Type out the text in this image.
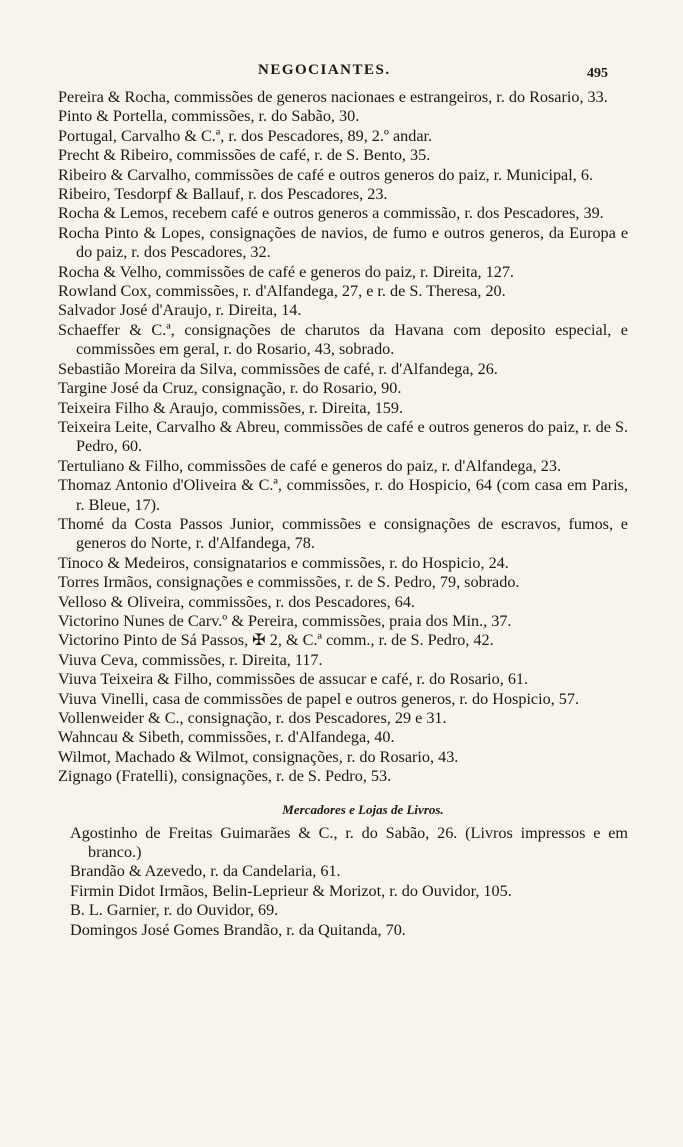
NEGOCIANTES.	495
Pereira & Rocha, commissões de generos nacionaes e estrangeiros, r. do Rosario, 33.
Pinto & Portella, commissões, r. do Sabão, 30.
Portugal, Carvalho & C.ª, r. dos Pescadores, 89, 2.º andar.
Precht & Ribeiro, commissões de café, r. de S. Bento, 35.
Ribeiro & Carvalho, commissões de café e outros generos do paiz, r. Municipal, 6.
Ribeiro, Tesdorpf & Ballauf, r. dos Pescadores, 23.
Rocha & Lemos, recebem café e outros generos a commissão, r. dos Pescadores, 39.
Rocha Pinto & Lopes, consignações de navios, de fumo e outros generos, da Europa e do paiz, r. dos Pescadores, 32.
Rocha & Velho, commissões de café e generos do paiz, r. Direita, 127.
Rowland Cox, commissões, r. d'Alfandega, 27, e r. de S. Theresa, 20.
Salvador José d'Araujo, r. Direita, 14.
Schaeffer & C.ª, consignações de charutos da Havana com deposito especial, e commissões em geral, r. do Rosario, 43, sobrado.
Sebastião Moreira da Silva, commissões de café, r. d'Alfandega, 26.
Targine José da Cruz, consignação, r. do Rosario, 90.
Teixeira Filho & Araujo, commissões, r. Direita, 159.
Teixeira Leite, Carvalho & Abreu, commissões de café e outros generos do paiz, r. de S. Pedro, 60.
Tertuliano & Filho, commissões de café e generos do paiz, r. d'Alfandega, 23.
Thomaz Antonio d'Oliveira & C.ª, commissões, r. do Hospicio, 64 (com casa em Paris, r. Bleue, 17).
Thomé da Costa Passos Junior, commissões e consignações de escravos, fumos, e generos do Norte, r. d'Alfandega, 78.
Tinoco & Medeiros, consignatarios e commissões, r. do Hospicio, 24.
Torres Irmãos, consignações e commissões, r. de S. Pedro, 79, sobrado.
Velloso & Oliveira, commissões, r. dos Pescadores, 64.
Victorino Nunes de Carv.º & Pereira, commissões, praia dos Min., 37.
Victorino Pinto de Sá Passos, ✠ 2, & C.ª comm., r. de S. Pedro, 42.
Viuva Ceva, commissões, r. Direita, 117.
Viuva Teixeira & Filho, commissões de assucar e café, r. do Rosario, 61.
Viuva Vinelli, casa de commissões de papel e outros generos, r. do Hospicio, 57.
Vollenweider & C., consignação, r. dos Pescadores, 29 e 31.
Wahncau & Sibeth, commissões, r. d'Alfandega, 40.
Wilmot, Machado & Wilmot, consignações, r. do Rosario, 43.
Zignago (Fratelli), consignações, r. de S. Pedro, 53.
Mercadores e Lojas de Livros.
Agostinho de Freitas Guimarães & C., r. do Sabão, 26. (Livros impressos e em branco.)
Brandão & Azevedo, r. da Candelaria, 61.
Firmin Didot Irmãos, Belin-Leprieur & Morizot, r. do Ouvidor, 105.
B. L. Garnier, r. do Ouvidor, 69.
Domingos José Gomes Brandão, r. da Quitanda, 70.
